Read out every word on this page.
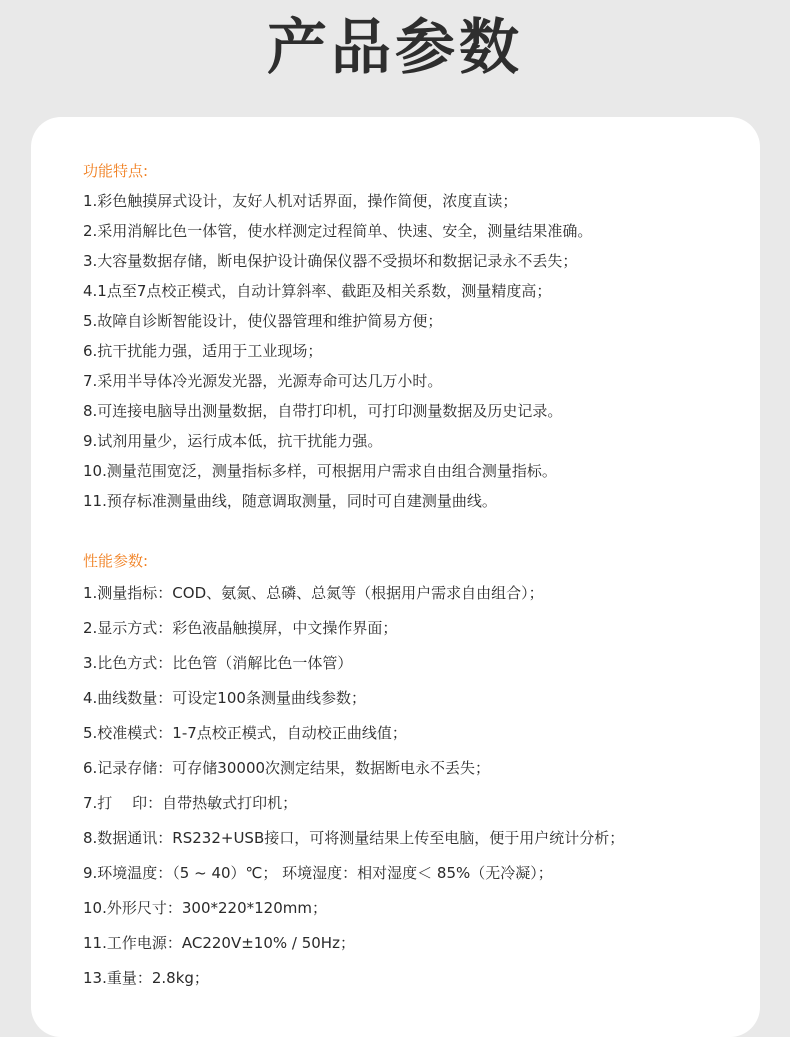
产品参数
功能特点:
1.彩色触摸屏式设计，友好人机对话界面，操作简便，浓度直读；
2.采用消解比色一体管，使水样测定过程简单、快速、安全，测量结果准确。
3.大容量数据存储，断电保护设计确保仪器不受损坏和数据记录永不丢失；
4.1点至7点校正模式，自动计算斜率、截距及相关系数，测量精度高；
5.故障自诊断智能设计，使仪器管理和维护简易方便；
6.抗干扰能力强，适用于工业现场；
7.采用半导体冷光源发光器，光源寿命可达几万小时。
8.可连接电脑导出测量数据，自带打印机，可打印测量数据及历史记录。
9.试剂用量少，运行成本低，抗干扰能力强。
10.测量范围宽泛，测量指标多样，可根据用户需求自由组合测量指标。
11.预存标准测量曲线，随意调取测量，同时可自建测量曲线。
性能参数:
1.测量指标：COD、氨氮、总磷、总氮等（根据用户需求自由组合）；
2.显示方式：彩色液晶触摸屏，中文操作界面；
3.比色方式：比色管（消解比色一体管）
4.曲线数量：可设定100条测量曲线参数；
5.校准模式：1-7点校正模式，自动校正曲线值；
6.记录存储：可存储30000次测定结果，数据断电永不丢失；
7.打　 印：自带热敏式打印机；
8.数据通讯：RS232+USB接口，可将测量结果上传至电脑，便于用户统计分析；
9.环境温度：（5 ~ 40）℃； 环境湿度：相对湿度＜ 85%（无冷凝）；
10.外形尺寸：300*220*120mm；
11.工作电源：AC220V±10% / 50Hz；
13.重量：2.8kg；
